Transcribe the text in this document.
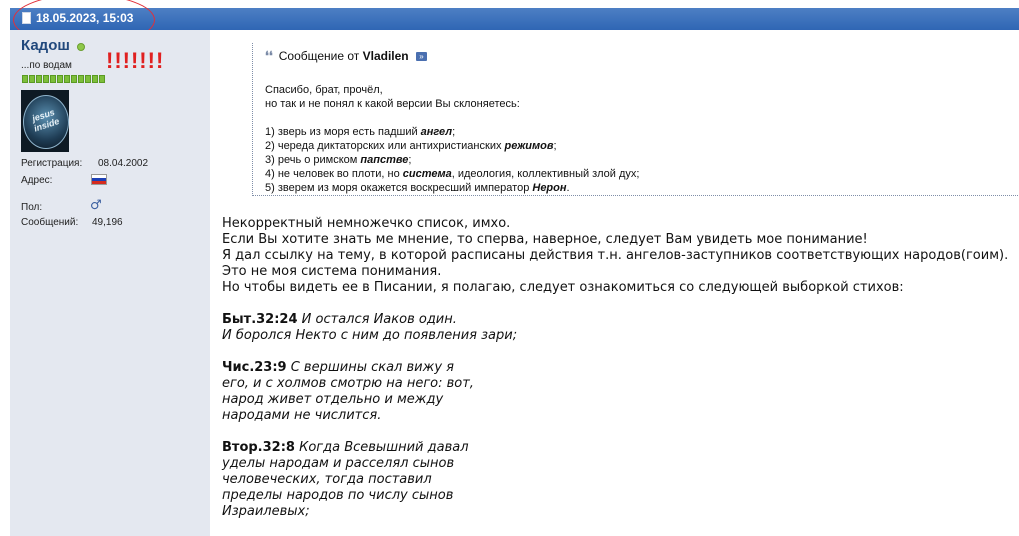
18.05.2023, 15:03
Кадош
...по водам !!!!!!!
jesus inside
Регистрация: 08.04.2002
Адрес:
Пол:	♂
Сообщений: 49,196
❛❛ Сообщение от Vladilen »
Спасибо, брат, прочёл,
но так и не понял к какой версии Вы склоняетесь:
1) зверь из моря есть падший ангел;
2) череда диктаторских или антихристианских режимов;
3) речь о римском папстве;
4) не человек во плоти, но система, идеология, коллективный злой дух;
5) зверем из моря окажется воскресший император Нерон.
Некорректный немножечко список, имхо.
Если Вы хотите знать ме мнение, то сперва, наверное, следует Вам увидеть мое понимание!
Я дал ссылку на тему, в которой расписаны действия т.н. ангелов-заступников соответствующих народов(гоим).
Это не моя система понимания.
Но чтобы видеть ее в Писании, я полагаю, следует ознакомиться со следующей выборкой стихов:
Быт.32:24 И остался Иаков один.
И боролся Некто с ним до появления зари;
Чис.23:9 С вершины скал вижу я
его, и с холмов смотрю на него: вот,
народ живет отдельно и между
народами не числится.
Втор.32:8 Когда Всевышний давал
уделы народам и расселял сынов
человеческих, тогда поставил
пределы народов по числу сынов
Израилевых;
